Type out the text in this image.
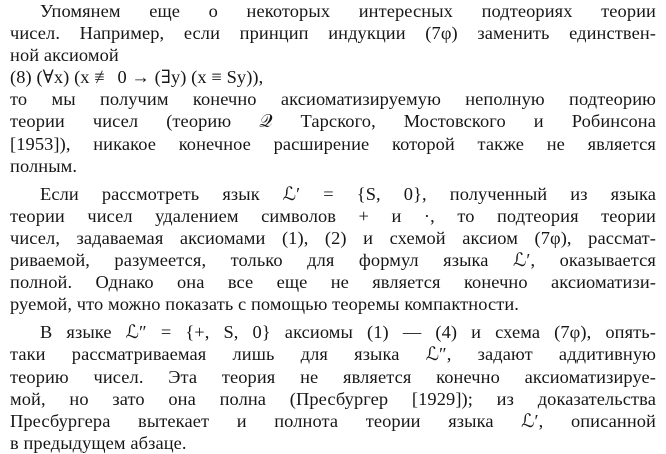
Упомянем еще о некоторых интересных подтеориях теории
чисел. Например, если принцип индукции (7φ) заменить единствен-
ной аксиомой
(8) (∀x) (x ≢ 0 → (∃y) (x ≡ Sy)),
то мы получим конечно аксиоматизируемую неполную подтеорию
теории чисел (теорию 𝒬 Тарского, Мостовского и Робинсона
[1953]), никакое конечное расширение которой также не является
полным.
Если рассмотреть язык ℒ′ = {S, 0}, полученный из языка
теории чисел удалением символов + и ·, то подтеория теории
чисел, задаваемая аксиомами (1), (2) и схемой аксиом (7φ), рассмат-
риваемой, разумеется, только для формул языка ℒ′, оказывается
полной. Однако она все еще не является конечно аксиоматизи-
руемой, что можно показать с помощью теоремы компактности.
В языке ℒ″ = {+, S, 0} аксиомы (1) — (4) и схема (7φ), опять-
таки рассматриваемая лишь для языка ℒ″, задают аддитивную
теорию чисел. Эта теория не является конечно аксиоматизируе-
мой, но зато она полна (Пресбургер [1929]); из доказательства
Пресбургера вытекает и полнота теории языка ℒ′, описанной
в предыдущем абзаце.
